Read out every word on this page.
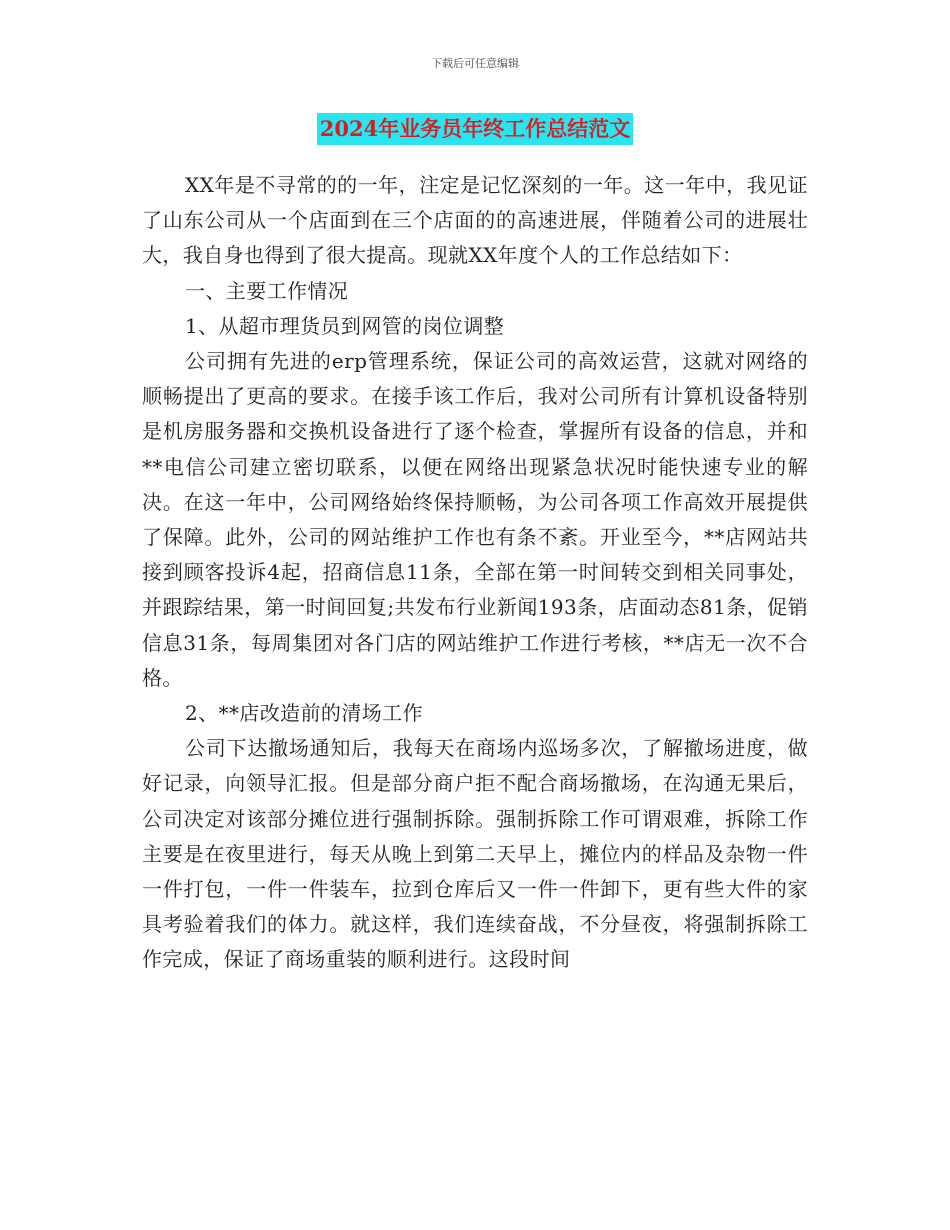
下载后可任意编辑
2024年业务员年终工作总结范文

XX年是不寻常的的一年，注定是记忆深刻的一年。这一年中，我见证了山东公司从一个店面到在三个店面的的高速进展，伴随着公司的进展壮大，我自身也得到了很大提高。现就XX年度个人的工作总结如下：

一、主要工作情况

1、从超市理货员到网管的岗位调整

公司拥有先进的erp管理系统，保证公司的高效运营，这就对网络的顺畅提出了更高的要求。在接手该工作后，我对公司所有计算机设备特别是机房服务器和交换机设备进行了逐个检查，掌握所有设备的信息，并和**电信公司建立密切联系，以便在网络出现紧急状况时能快速专业的解决。在这一年中，公司网络始终保持顺畅，为公司各项工作高效开展提供了保障。此外，公司的网站维护工作也有条不紊。开业至今，**店网站共接到顾客投诉4起，招商信息11条，全部在第一时间转交到相关同事处，并跟踪结果，第一时间回复;共发布行业新闻193条，店面动态81条，促销信息31条，每周集团对各门店的网站维护工作进行考核，**店无一次不合格。

2、**店改造前的清场工作

公司下达撤场通知后，我每天在商场内巡场多次，了解撤场进度，做好记录，向领导汇报。但是部分商户拒不配合商场撤场，在沟通无果后，公司决定对该部分摊位进行强制拆除。强制拆除工作可谓艰难，拆除工作主要是在夜里进行，每天从晚上到第二天早上，摊位内的样品及杂物一件一件打包，一件一件装车，拉到仓库后又一件一件卸下，更有些大件的家具考验着我们的体力。就这样，我们连续奋战，不分昼夜，将强制拆除工作完成，保证了商场重装的顺利进行。这段时间
